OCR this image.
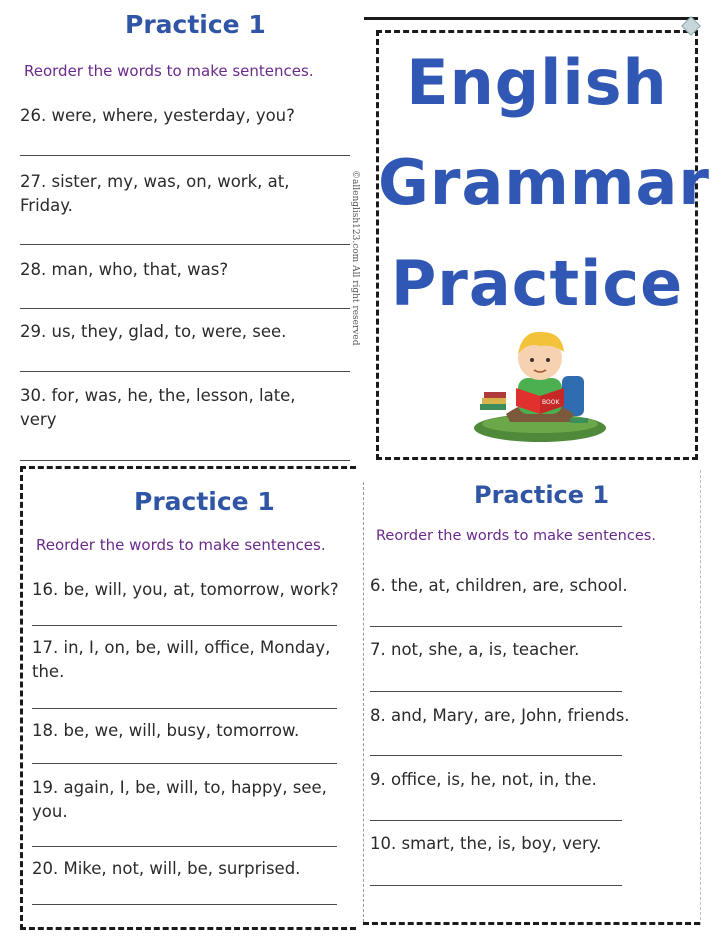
Practice 1
Reorder the words to make sentences.
26. were, where, yesterday, you?
27. sister, my, was, on, work, at, Friday.
28. man, who, that, was?
29. us, they, glad, to, were, see.
30. for, was, he, the, lesson, late, very
©allenglish123.com All right reserved
English
Grammar
Practice
BOOK
Practice 1
Reorder the words to make sentences.
16. be, will, you, at, tomorrow, work?
17. in, I, on, be, will, office, Monday, the.
18. be, we, will, busy, tomorrow.
19. again, I, be, will, to, happy, see, you.
20. Mike, not, will, be, surprised.
Practice 1
Reorder the words to make sentences.
6. the, at, children, are, school.
7. not, she, a, is, teacher.
8. and, Mary, are, John, friends.
9. office, is, he, not, in, the.
10. smart, the, is, boy, very.
